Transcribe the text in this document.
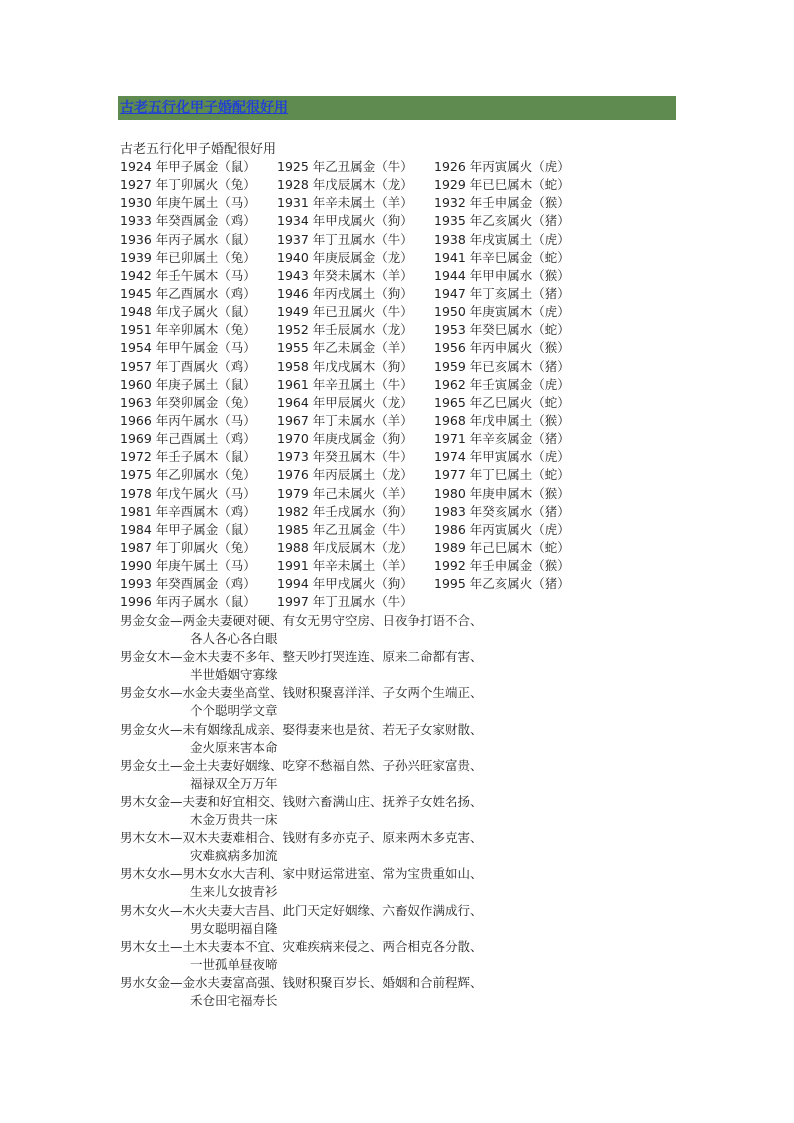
古老五行化甲子婚配很好用
古老五行化甲子婚配很好用
1924 年甲子属金（鼠） 1925 年乙丑属金（牛） 1926 年丙寅属火（虎）
1927 年丁卯属火（兔） 1928 年戊辰属木（龙） 1929 年已巳属木（蛇）
1930 年庚午属土（马） 1931 年辛未属土（羊） 1932 年壬申属金（猴）
1933 年癸酉属金（鸡） 1934 年甲戌属火（狗） 1935 年乙亥属火（猪）
1936 年丙子属水（鼠） 1937 年丁丑属水（牛） 1938 年戌寅属土（虎）
1939 年已卯属土（兔） 1940 年庚辰属金（龙） 1941 年辛巳属金（蛇）
1942 年壬午属木（马） 1943 年癸未属木（羊） 1944 年甲申属水（猴）
1945 年乙酉属水（鸡） 1946 年丙戌属土（狗） 1947 年丁亥属土（猪）
1948 年戊子属火（鼠） 1949 年已丑属火（牛） 1950 年庚寅属木（虎）
1951 年辛卯属木（兔） 1952 年壬辰属水（龙） 1953 年癸巳属水（蛇）
1954 年甲午属金（马） 1955 年乙未属金（羊） 1956 年丙申属火（猴）
1957 年丁酉属火（鸡） 1958 年戊戌属木（狗） 1959 年已亥属木（猪）
1960 年庚子属土（鼠） 1961 年辛丑属土（牛） 1962 年壬寅属金（虎）
1963 年癸卯属金（兔） 1964 年甲辰属火（龙） 1965 年乙巳属火（蛇）
1966 年丙午属水（马） 1967 年丁未属水（羊） 1968 年戊申属土（猴）
1969 年己酉属土（鸡） 1970 年庚戌属金（狗） 1971 年辛亥属金（猪）
1972 年壬子属木（鼠） 1973 年癸丑属木（牛） 1974 年甲寅属水（虎）
1975 年乙卯属水（兔） 1976 年丙辰属土（龙） 1977 年丁巳属土（蛇）
1978 年戊午属火（马） 1979 年己未属火（羊） 1980 年庚申属木（猴）
1981 年辛酉属木（鸡） 1982 年壬戌属水（狗） 1983 年癸亥属水（猪）
1984 年甲子属金（鼠） 1985 年乙丑属金（牛） 1986 年丙寅属火（虎）
1987 年丁卯属火（兔） 1988 年戊辰属木（龙） 1989 年己巳属木（蛇）
1990 年庚午属土（马） 1991 年辛未属土（羊） 1992 年壬申属金（猴）
1993 年癸酉属金（鸡） 1994 年甲戌属火（狗） 1995 年乙亥属火（猪）
1996 年丙子属水（鼠） 1997 年丁丑属水（牛）
男金女金—两金夫妻硬对硬、有女无男守空房、日夜争打语不合、
各人各心各白眼
男金女木—金木夫妻不多年、整天吵打哭连连、原来二命都有害、
半世婚姻守寡缘
男金女水—水金夫妻坐高堂、钱财积聚喜洋洋、子女两个生端正、
个个聪明学文章
男金女火—未有姻缘乱成亲、娶得妻来也是贫、若无子女家财散、
金火原来害本命
男金女土—金土夫妻好姻缘、吃穿不愁福自然、子孙兴旺家富贵、
福禄双全万万年
男木女金—夫妻和好宜相交、钱财六畜满山庄、抚养子女姓名扬、
木金万贵共一床
男木女木—双木夫妻难相合、钱财有多亦克子、原来两木多克害、
灾难疯病多加流
男木女水—男木女水大吉利、家中财运常进室、常为宝贵重如山、
生来儿女披青衫
男木女火—木火夫妻大吉昌、此门天定好姻缘、六畜奴作满成行、
男女聪明福自隆
男木女土—土木夫妻本不宜、灾难疾病来侵之、两合相克各分散、
一世孤单昼夜啼
男水女金—金水夫妻富高强、钱财积聚百岁长、婚姻和合前程辉、
禾仓田宅福寿长
